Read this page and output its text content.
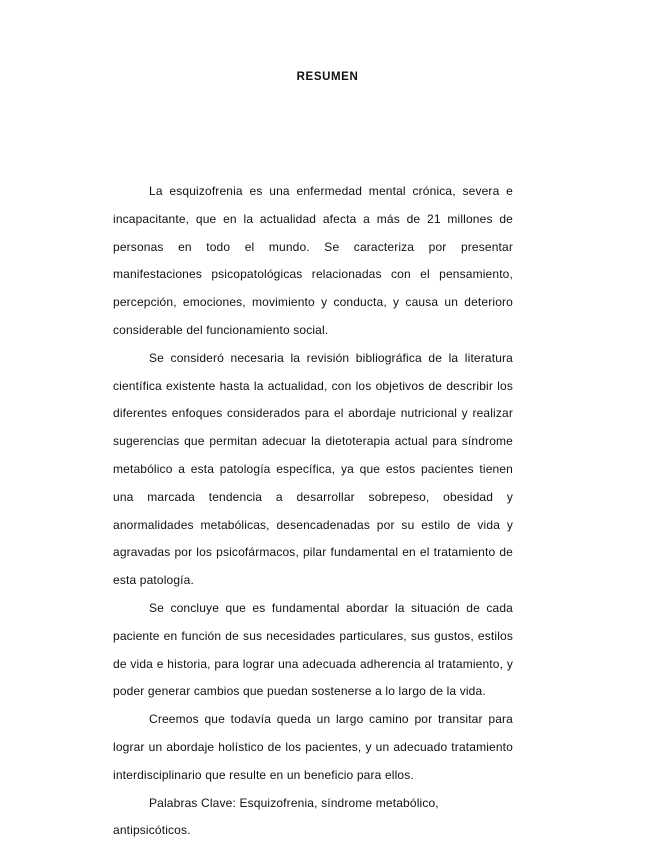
RESUMEN

La esquizofrenia es una enfermedad mental crónica, severa e incapacitante, que en la actualidad afecta a más de 21 millones de personas en todo el mundo. Se caracteriza por presentar manifestaciones psicopatológicas relacionadas con el pensamiento, percepción, emociones, movimiento y conducta, y causa un deterioro considerable del funcionamiento social.

Se consideró necesaria la revisión bibliográfica de la literatura científica existente hasta la actualidad, con los objetivos de describir los diferentes enfoques considerados para el abordaje nutricional y realizar sugerencias que permitan adecuar la dietoterapia actual para síndrome metabólico a esta patología específica, ya que estos pacientes tienen una marcada tendencia a desarrollar sobrepeso, obesidad y anormalidades metabólicas, desencadenadas por su estilo de vida y agravadas por los psicofármacos, pilar fundamental en el tratamiento de esta patología.

Se concluye que es fundamental abordar la situación de cada paciente en función de sus necesidades particulares, sus gustos, estilos de vida e historia, para lograr una adecuada adherencia al tratamiento, y poder generar cambios que puedan sostenerse a lo largo de la vida.

Creemos que todavía queda un largo camino por transitar para lograr un abordaje holístico de los pacientes, y un adecuado tratamiento interdisciplinario que resulte en un beneficio para ellos.

Palabras Clave: Esquizofrenia, síndrome metabólico, antipsicóticos.
